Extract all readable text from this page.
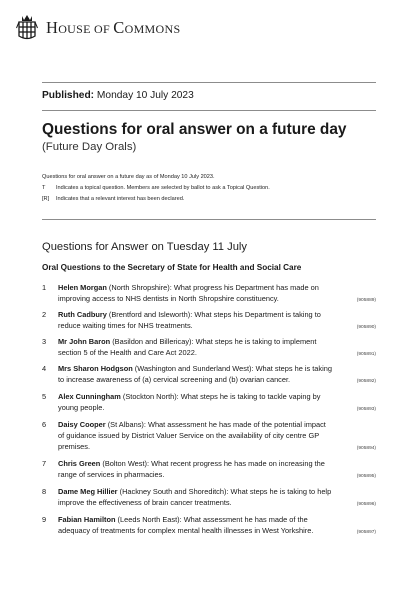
HOUSE OF COMMONS
Published: Monday 10 July 2023
Questions for oral answer on a future day
(Future Day Orals)
Questions for oral answer on a future day as of Monday 10 July 2023.
T	Indicates a topical question. Members are selected by ballot to ask a Topical Question.
[R]	Indicates that a relevant interest has been declared.
Questions for Answer on Tuesday 11 July
Oral Questions to the Secretary of State for Health and Social Care
1 Helen Morgan (North Shropshire): What progress his Department has made on
improving access to NHS dentists in North Shropshire constituency.	(905889)
2 Ruth Cadbury (Brentford and Isleworth): What steps his Department is taking to
reduce waiting times for NHS treatments.	(905890)
3 Mr John Baron (Basildon and Billericay): What steps he is taking to implement
section 5 of the Health and Care Act 2022.	(905891)
4 Mrs Sharon Hodgson (Washington and Sunderland West): What steps he is taking
to increase awareness of (a) cervical screening and (b) ovarian cancer.	(905892)
5 Alex Cunningham (Stockton North): What steps he is taking to tackle vaping by
young people.	(905893)
6 Daisy Cooper (St Albans): What assessment he has made of the potential impact
of guidance issued by District Valuer Service on the availability of city centre GP
premises.	(905894)
7 Chris Green (Bolton West): What recent progress he has made on increasing the
range of services in pharmacies.	(905895)
8 Dame Meg Hillier (Hackney South and Shoreditch): What steps he is taking to help
improve the effectiveness of brain cancer treatments.	(905896)
9 Fabian Hamilton (Leeds North East): What assessment he has made of the
adequacy of treatments for complex mental health illnesses in West Yorkshire.	(905897)
